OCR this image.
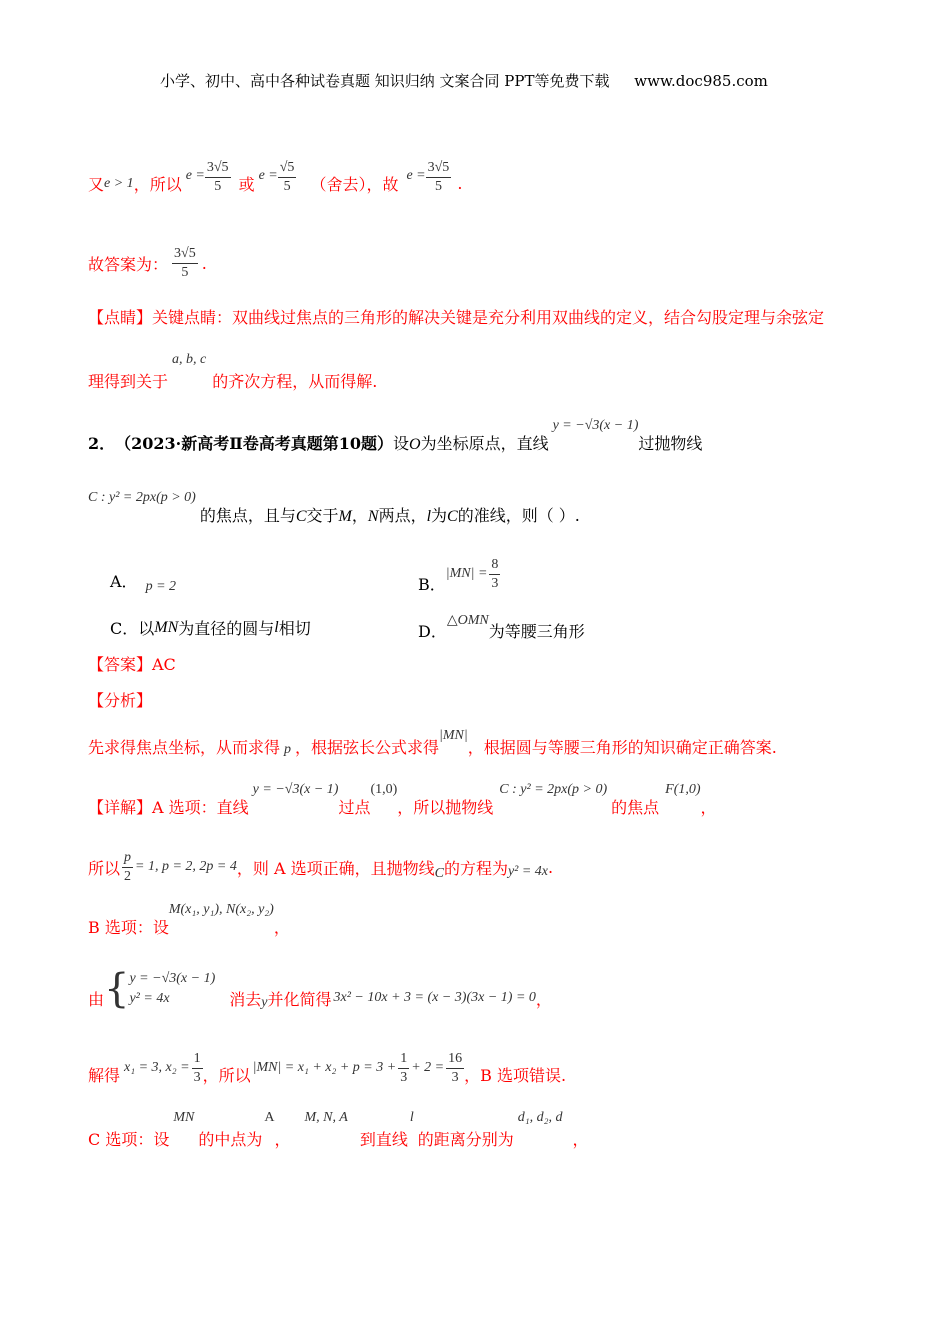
小学、初中、高中各种试卷真题 知识归纳 文案合同 PPT等免费下载 www.doc985.com
又 e > 1 ，所以 $e = \frac{3√5}{5}$ 或 $e = \frac{√5}{5}$ （舍去），故 $e = \frac{3√5}{5}$ .
故答案为： $\frac{3√5}{5}$ .
【点睛】关键点睛：双曲线过焦点的三角形的解决关键是充分利用双曲线的定义，结合勾股定理与余弦定
理得到关于
a, b, c
的齐次方程，从而得解.
2． （2023·新高考Ⅱ卷高考真题第10题） 设 O 为坐标原点，直线
y = −√3(x − 1)
过抛物线
C : y² = 2px(p > 0)
的焦点，且与 C 交于 M ， N 两点， l 为 C 的准线，则（ ）.
A． p = 2	B．
$|MN| = \frac{8}{3}$
C．以 MN 为直径的圆与 l 相切	D．
△OMN
为等腰三角形
【答案】AC
【分析】
先求得焦点坐标，从而求得 p ，根据弦长公式求得
|MN|
，根据圆与等腰三角形的知识确定正确答案.
【详解】A 选项：直线
y = −√3(x − 1)
过点
(1,0)
，所以抛物线
C : y² = 2px(p > 0)
的焦点
F(1,0)
，
所以 $\frac{p}{2} = 1$, p = 2, 2p = 4 ，则 A 选项正确，且抛物线 C 的方程为 y² = 4x .
B 选项：设
M(x₁, y₁), N(x₂, y₂)
，
由 { y = −√3(x − 1)
y² = 4x	消去 y 并化简得 3x² − 10x + 3 = (x − 3)(3x − 1) = 0 ，
解得 x₁ = 3, $x_2 = \frac{1}{3}$ ，所以 $|MN| = x_1 + x_2 + p = 3 + \frac{1}{3} + 2 = \frac{16}{3}$ ，B 选项错误.
C 选项：设
MN
的中点为
A
，
M, N, A
到直线
l
的距离分别为
d₁, d₂, d
，
